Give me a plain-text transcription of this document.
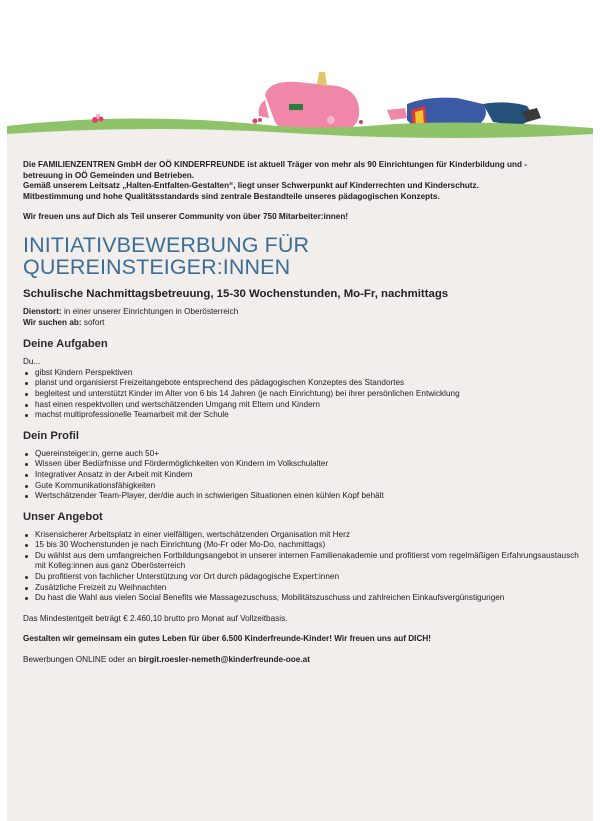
Die FAMILIENZENTREN GmbH der OÖ KINDERFREUNDE ist aktuell Träger von mehr als 90 Einrichtungen für Kinderbildung und -

betreuung in OÖ Gemeinden und Betrieben.

Gemäß unserem Leitsatz „Halten-Entfalten-Gestalten“, liegt unser Schwerpunkt auf Kinderrechten und Kinderschutz.

Mitbestimmung und hohe Qualitätsstandards sind zentrale Bestandteile unseres pädagogischen Konzepts.

Wir freuen uns auf Dich als Teil unserer Community von über 750 Mitarbeiter:innen!

INITIATIVBEWERBUNG FÜR
QUEREINSTEIGER:INNEN
Schulische Nachmittagsbetreuung, 15-30 Wochenstunden, Mo-Fr, nachmittags
Dienstort: in einer unserer Einrichtungen in Oberösterreich
Wir suchen ab: sofort
Deine Aufgaben

Du...

gibst Kindern Perspektiven
planst und organisierst Freizeitangebote entsprechend des pädagogischen Konzeptes des Standortes
begleitest und unterstützt Kinder im Alter von 6 bis 14 Jahren (je nach Einrichtung) bei ihrer persönlichen Entwicklung
hast einen respektvollen und wertschätzenden Umgang mit Eltern und Kindern
machst multiprofessionelle Teamarbeit mit der Schule
Dein Profil
Quereinsteiger:in, gerne auch 50+
Wissen über Bedürfnisse und Fördermöglichkeiten von Kindern im Volkschulalter
Integrativer Ansatz in der Arbeit mit Kindern
Gute Kommunikationsfähigkeiten
Wertschätzender Team-Player, der/die auch in schwierigen Situationen einen kühlen Kopf behält
Unser Angebot
Krisensicherer Arbeitsplatz in einer vielfältigen, wertschätzenden Organisation mit Herz
15 bis 30 Wochenstunden je nach Einrichtung (Mo-Fr oder Mo-Do, nachmittags)
Du wählst aus dem umfangreichen Fortbildungsangebot in unserer internen Familienakademie und profitierst vom regelmäßigen Erfahrungsaustausch mit Kolleg:innen aus ganz Oberösterreich
Du profitierst von fachlicher Unterstützung vor Ort durch pädagogische Expert:innen
Zusätzliche Freizeit zu Weihnachten
Du hast die Wahl aus vielen Social Benefits wie Massagezuschuss, Mobilitätszuschuss und zahlreichen Einkaufsvergünstigungen

Das Mindestentgelt beträgt € 2.460,10 brutto pro Monat auf Vollzeitbasis.

Gestalten wir gemeinsam ein gutes Leben für über 6.500 Kinderfreunde-Kinder! Wir freuen uns auf DICH!

Bewerbungen ONLINE oder an birgit.roesler-nemeth@kinderfreunde-ooe.at
